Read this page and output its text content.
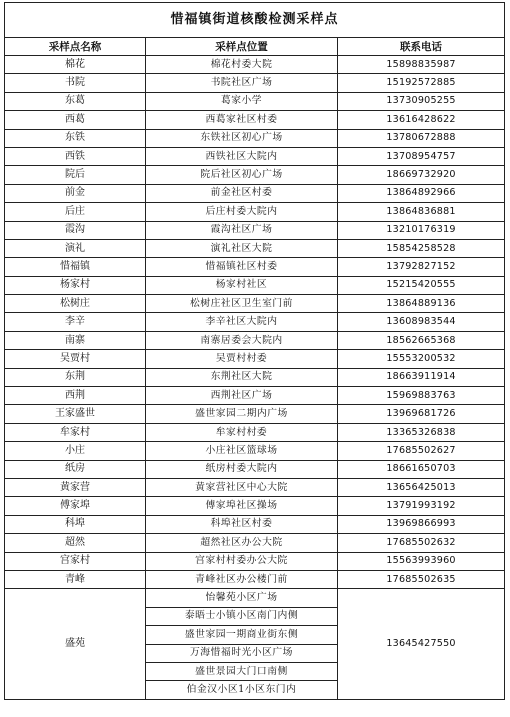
惜福镇街道核酸检测采样点		
采样点名称	采样点位置	联系电话
棉花	棉花村委大院	15898835987
书院	书院社区广场	15192572885
东葛	葛家小学	13730905255
西葛	西葛家社区村委	13616428622
东铁	东铁社区初心广场	13780672888
西铁	西铁社区大院内	13708954757
院后	院后社区初心广场	18669732920
前金	前金社区村委	13864892966
后庄	后庄村委大院内	13864836881
霞沟	霞沟社区广场	13210176319
演礼	演礼社区大院	15854258528
惜福镇	惜福镇社区村委	13792827152
杨家村	杨家村社区	15215420555
松树庄	松树庄社区卫生室门前	13864889136
李辛	李辛社区大院内	13608983544
南寨	南寨居委会大院内	18562665368
吴贾村	吴贾村村委	15553200532
东荆	东荆社区大院	18663911914
西荆	西荆社区广场	15969883763
王家盛世	盛世家园二期内广场	13969681726
牟家村	牟家村村委	13365326838
小庄	小庄社区篮球场	17685502627
纸房	纸房村委大院内	18661650703
黄家营	黄家营社区中心大院	13656425013
傅家埠	傅家埠社区操场	13791993192
科埠	科埠社区村委	13969866993
超然	超然社区办公大院	17685502632
宫家村	宫家村村委办公大院	15563993960
青峰	青峰社区办公楼门前	17685502635
盛苑	怡馨苑小区广场	13645427550
	泰晤士小镇小区南门内侧	
	盛世家园一期商业街东侧	
	万海惜福时光小区广场	
	盛世景园大门口南侧	
	伯金汉小区1小区东门内	
